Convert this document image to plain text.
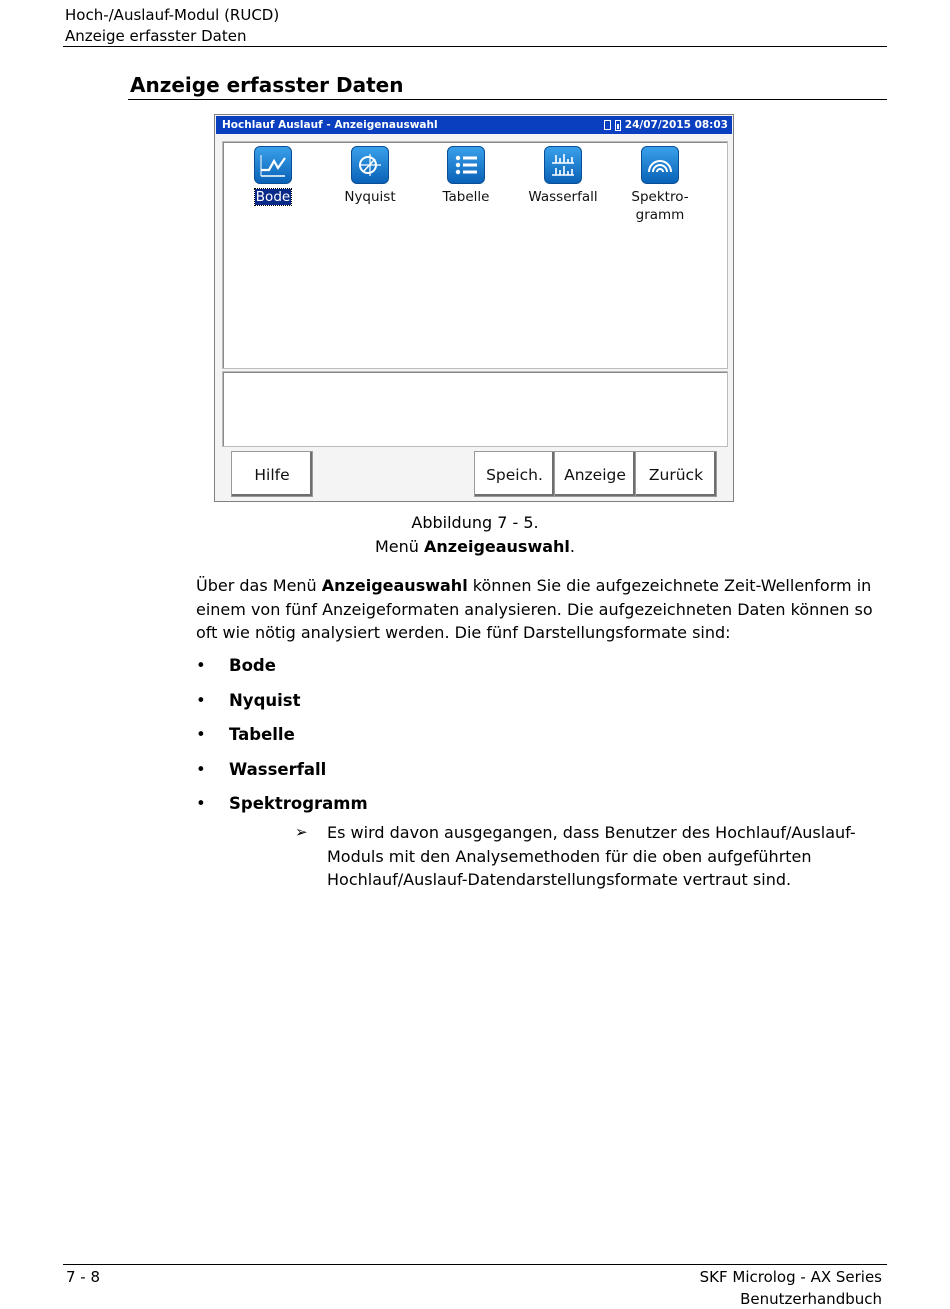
Hoch-/Auslauf-Modul (RUCD)
Anzeige erfasster Daten
Anzeige erfasster Daten
Hochlauf Auslauf - Anzeigenauswahl	24/07/2015 08:03
Bode	Nyquist	Tabelle	Wasserfall	Spektro-
gramm
Hilfe	Speich.	Anzeige	Zurück
Abbildung 7 - 5.
Menü Anzeigeauswahl.
Über das Menü Anzeigeauswahl können Sie die aufgezeichnete Zeit-Wellenform in einem von fünf Anzeigeformaten analysieren. Die aufgezeichneten Daten können so oft wie nötig analysiert werden. Die fünf Darstellungsformate sind:
• Bode
• Nyquist
• Tabelle
• Wasserfall
• Spektrogramm
➢ Es wird davon ausgegangen, dass Benutzer des Hochlauf/Auslauf-Moduls mit den Analysemethoden für die oben aufgeführten Hochlauf/Auslauf-Datendarstellungsformate vertraut sind.
7 - 8	SKF Microlog - AX Series
Benutzerhandbuch
